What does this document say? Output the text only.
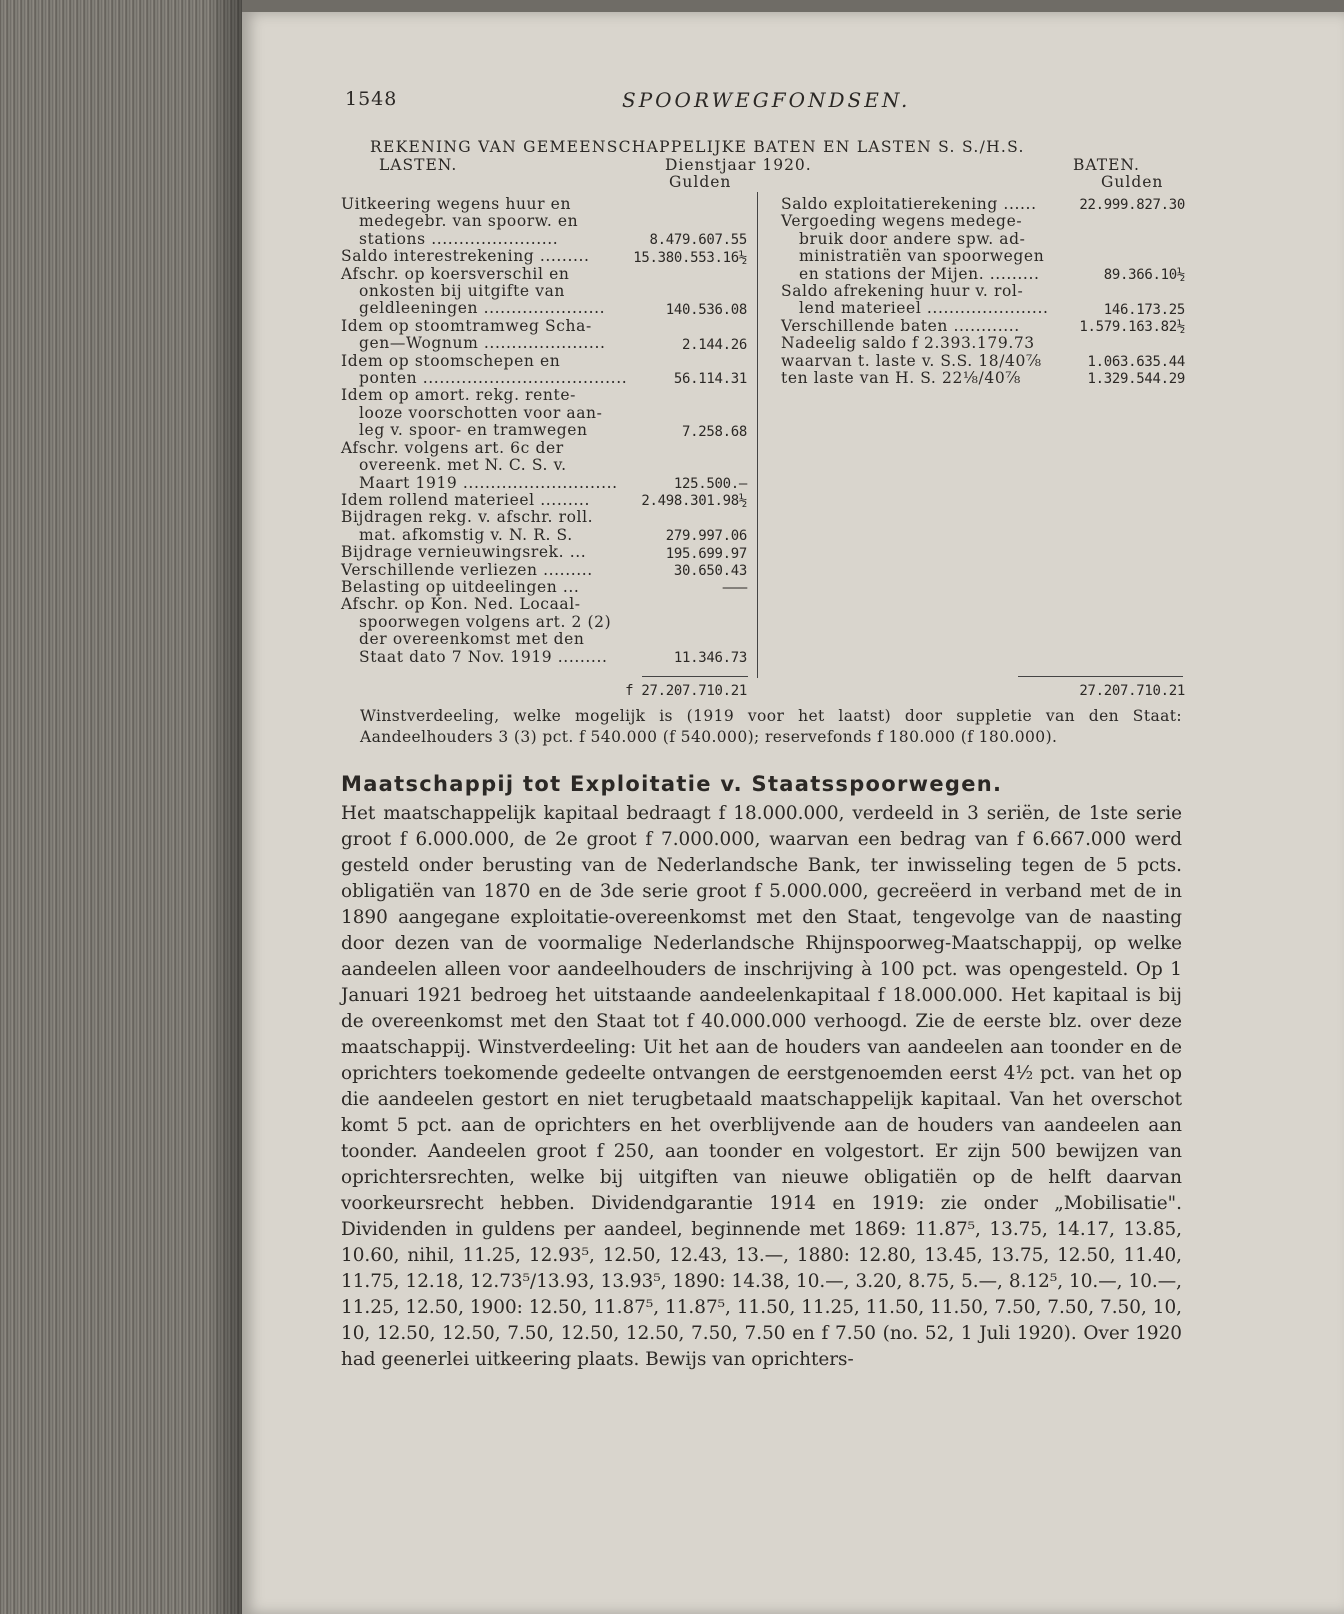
1548	SPOORWEGFONDSEN.
REKENING VAN GEMEENSCHAPPELIJKE BATEN EN LASTEN S. S./H.S.
LASTEN.	Dienstjaar 1920.	BATEN.
Gulden	Gulden
Uitkeering wegens huur en
medegebr. van spoorw. en
stations .......................	8.479.607.55
Saldo interestrekening .........	15.380.553.16½
Afschr. op koersverschil en
onkosten bij uitgifte van
geldleeningen ......................	140.536.08
Idem op stoomtramweg Scha-
gen—Wognum ......................	2.144.26
Idem op stoomschepen en
ponten .....................................	56.114.31
Idem op amort. rekg. rente-
looze voorschotten voor aan-
leg v. spoor- en tramwegen	7.258.68
Afschr. volgens art. 6c der
overeenk. met N. C. S. v.
Maart 1919 ............................	125.500.—
Idem rollend materieel .........	2.498.301.98½
Bijdragen rekg. v. afschr. roll.
mat. afkomstig v. N. R. S.	279.997.06
Bijdrage vernieuwingsrek. ...	195.699.97
Verschillende verliezen .........	30.650.43
Belasting op uitdeelingen ...	———
Afschr. op Kon. Ned. Locaal-
spoorwegen volgens art. 2 (2)
der overeenkomst met den
Staat dato 7 Nov. 1919 .........	11.346.73
Saldo exploitatierekening ......	22.999.827.30
Vergoeding wegens medege-
bruik door andere spw. ad-
ministratiën van spoorwegen
en stations der Mijen. .........	89.366.10½
Saldo afrekening huur v. rol-
lend materieel ......................	146.173.25
Verschillende baten ............	1.579.163.82½
Nadeelig saldo f 2.393.179.73
waarvan t. laste v. S.S. 18/40⅞	1.063.635.44
ten laste van H. S. 22⅛/40⅞	1.329.544.29
f 27.207.710.21	27.207.710.21
Winstverdeeling, welke mogelijk is (1919 voor het laatst) door suppletie van den Staat: Aandeelhouders 3 (3) pct. f 540.000 (f 540.000); reservefonds f 180.000 (f 180.000).
Maatschappij tot Exploitatie v. Staatsspoorwegen.

Het maatschappelijk kapitaal bedraagt f 18.000.000, verdeeld in 3 seriën, de 1ste serie groot f 6.000.000, de 2e groot f 7.000.000, waarvan een bedrag van f 6.667.000 werd gesteld onder berusting van de Nederlandsche Bank, ter inwisseling tegen de 5 pcts. obligatiën van 1870 en de 3de serie groot f 5.000.000, gecreëerd in verband met de in 1890 aangegane exploitatie-overeenkomst met den Staat, tengevolge van de naasting door dezen van de voormalige Nederlandsche Rhijnspoorweg-Maatschappij, op welke aandeelen alleen voor aandeelhouders de inschrijving à 100 pct. was opengesteld. Op 1 Januari 1921 bedroeg het uitstaande aandeelenkapitaal f 18.000.000. Het kapitaal is bij de overeenkomst met den Staat tot f 40.000.000 verhoogd. Zie de eerste blz. over deze maatschappij. Winstverdeeling: Uit het aan de houders van aandeelen aan toonder en de oprichters toekomende gedeelte ontvangen de eerstgenoemden eerst 4½ pct. van het op die aandeelen gestort en niet terugbetaald maatschappelijk kapitaal. Van het overschot komt 5 pct. aan de oprichters en het overblijvende aan de houders van aandeelen aan toonder. Aandeelen groot f 250, aan toonder en volgestort. Er zijn 500 bewijzen van oprichtersrechten, welke bij uitgiften van nieuwe obligatiën op de helft daarvan voorkeursrecht hebben. Dividendgarantie 1914 en 1919: zie onder „Mobilisatie". Dividenden in guldens per aandeel, beginnende met 1869: 11.87⁵, 13.75, 14.17, 13.85, 10.60, nihil, 11.25, 12.93⁵, 12.50, 12.43, 13.—, 1880: 12.80, 13.45, 13.75, 12.50, 11.40, 11.75, 12.18, 12.73⁵/13.93, 13.93⁵, 1890: 14.38, 10.—, 3.20, 8.75, 5.—, 8.12⁵, 10.—, 10.—, 11.25, 12.50, 1900: 12.50, 11.87⁵, 11.87⁵, 11.50, 11.25, 11.50, 11.50, 7.50, 7.50, 7.50, 10, 10, 12.50, 12.50, 7.50, 12.50, 12.50, 7.50, 7.50 en f 7.50 (no. 52, 1 Juli 1920). Over 1920 had geenerlei uitkeering plaats. Bewijs van oprichters-
